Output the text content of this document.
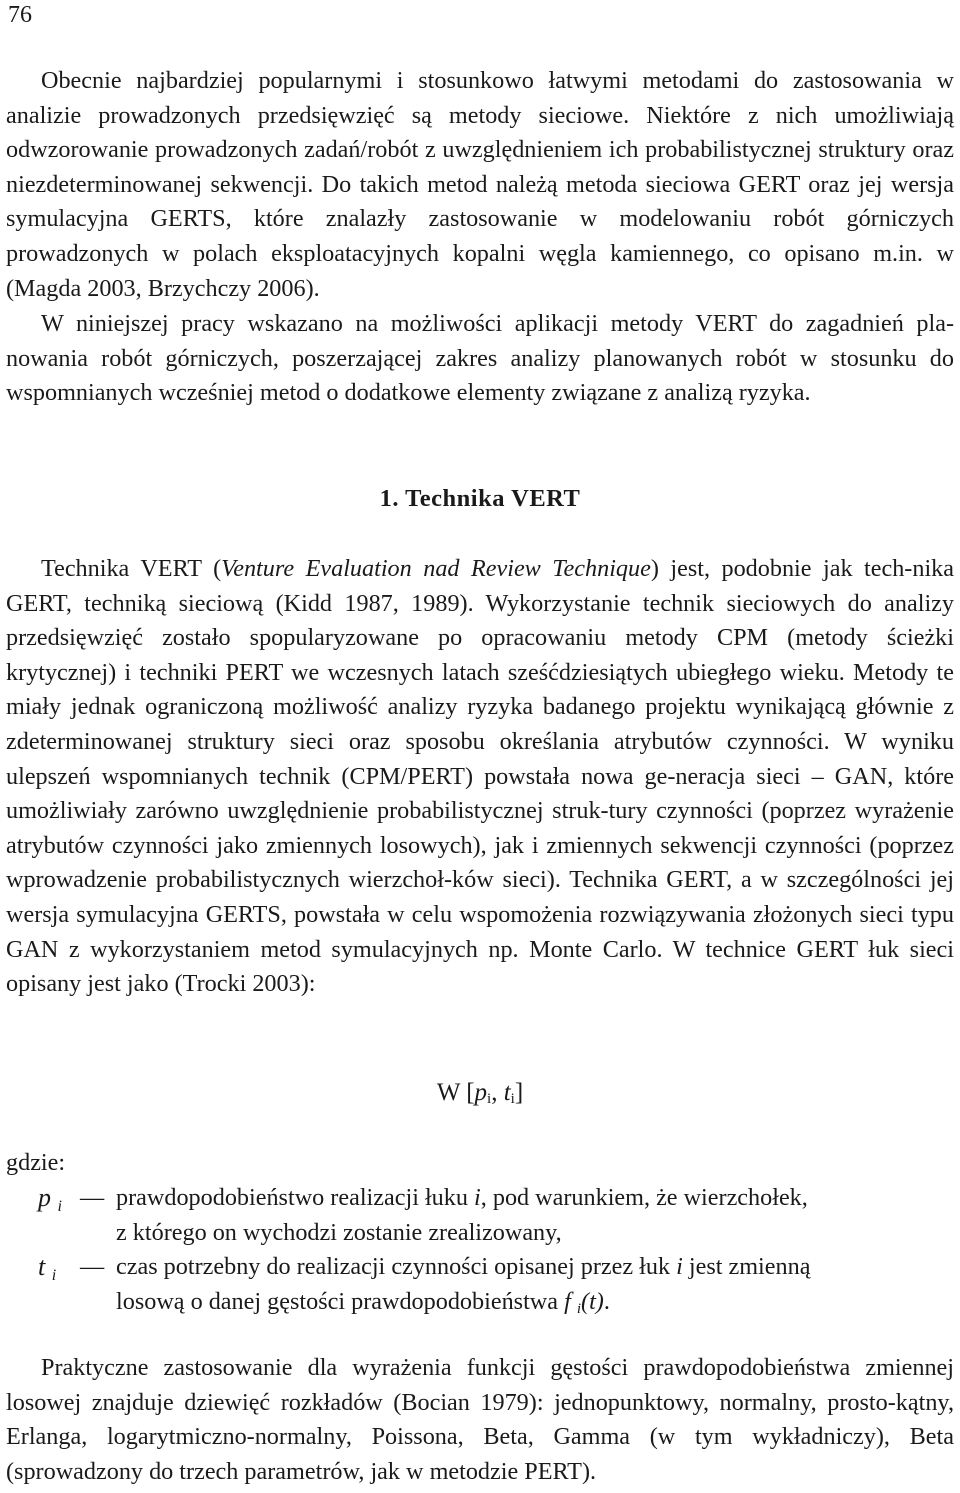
76

Obecnie najbardziej popularnymi i stosunkowo łatwymi metodami do zastosowania w analizie prowadzonych przedsięwzięć są metody sieciowe. Niektóre z nich umożliwiają odwzorowanie prowadzonych zadań/robót z uwzględnieniem ich probabilistycznej struktury oraz niezdeterminowanej sekwencji. Do takich metod należą metoda sieciowa GERT oraz jej wersja symulacyjna GERTS, które znalazły zastosowanie w modelowaniu robót górniczych prowadzonych w polach eksploatacyjnych kopalni węgla kamiennego, co opisano m.in. w (Magda 2003, Brzychczy 2006).

W niniejszej pracy wskazano na możliwości aplikacji metody VERT do zagadnień pla-nowania robót górniczych, poszerzającej zakres analizy planowanych robót w stosunku do wspomnianych wcześniej metod o dodatkowe elementy związane z analizą ryzyka.

1. Technika VERT

Technika VERT (Venture Evaluation nad Review Technique) jest, podobnie jak tech-nika GERT, techniką sieciową (Kidd 1987, 1989). Wykorzystanie technik sieciowych do analizy przedsięwzięć zostało spopularyzowane po opracowaniu metody CPM (metody ścieżki krytycznej) i techniki PERT we wczesnych latach sześćdziesiątych ubiegłego wieku. Metody te miały jednak ograniczoną możliwość analizy ryzyka badanego projektu wynikającą głównie z zdeterminowanej struktury sieci oraz sposobu określania atrybutów czynności. W wyniku ulepszeń wspomnianych technik (CPM/PERT) powstała nowa ge-neracja sieci – GAN, które umożliwiały zarówno uwzględnienie probabilistycznej struk-tury czynności (poprzez wyrażenie atrybutów czynności jako zmiennych losowych), jak i zmiennych sekwencji czynności (poprzez wprowadzenie probabilistycznych wierzchoł-ków sieci). Technika GERT, a w szczególności jej wersja symulacyjna GERTS, powstała w celu wspomożenia rozwiązywania złożonych sieci typu GAN z wykorzystaniem metod symulacyjnych np. Monte Carlo. W technice GERT łuk sieci opisany jest jako (Trocki 2003):

W [$p_i$, $t_i$]
gdzie:
p $_i$ — prawdopodobieństwo realizacji łuku i, pod warunkiem, że wierzchołek,
z którego on wychodzi zostanie zrealizowany,
t $_i$ — czas potrzebny do realizacji czynności opisanej przez łuk i jest zmienną
losową o danej gęstości prawdopodobieństwa f $_i$(t).

Praktyczne zastosowanie dla wyrażenia funkcji gęstości prawdopodobieństwa zmiennej losowej znajduje dziewięć rozkładów (Bocian 1979): jednopunktowy, normalny, prosto-kątny, Erlanga, logarytmiczno-normalny, Poissona, Beta, Gamma (w tym wykładniczy), Beta (sprowadzony do trzech parametrów, jak w metodzie PERT).
